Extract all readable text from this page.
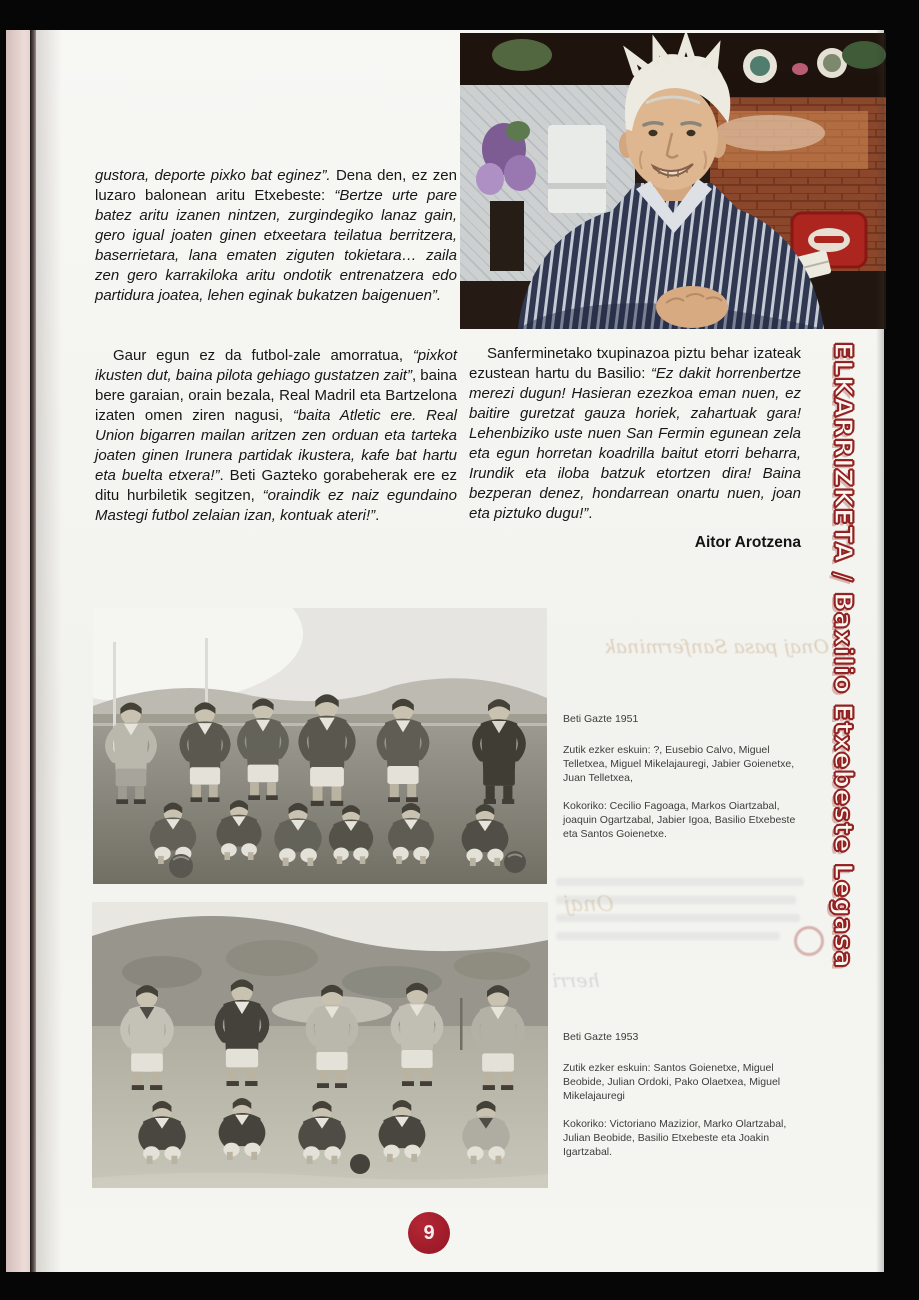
gustora, deporte pixko bat eginez”. Dena den, ez zen luzaro balonean aritu Etxebeste: “Bertze urte pare batez aritu izanen nintzen, zurgindegiko lanaz gain, gero igual joaten ginen etxeetara teilatua berritzera, baserrietara, lana ematen ziguten tokietara… zaila zen gero karrakiloka aritu ondotik entrenatzera edo partidura joatea, lehen eginak bukatzen baigenuen”.

Gaur egun ez da futbol-zale amorratua, “pixkot ikusten dut, baina pilota gehiago gustatzen zait”, baina bere garaian, orain bezala, Real Madril eta Bartzelona izaten omen ziren nagusi, “baita Atletic ere. Real Union bigarren mailan aritzen zen orduan eta tarteka joaten ginen Irunera partidak ikustera, kafe bat hartu eta buelta etxera!”. Beti Gazteko gorabeherak ere ez ditu hurbiletik segitzen, “oraindik ez naiz egundaino Mastegi futbol zelaian izan, kontuak ateri!”.

Sanferminetako txupinazoa piztu behar izateak ezustean hartu du Basilio: “Ez dakit horrenbertze merezi dugun! Hasieran ezezkoa eman nuen, ez baitire guretzat gauza horiek, zahartuak gara! Lehenbiziko uste nuen San Fermin egunean zela eta egun horretan koadrilla baitut etorri beharra, Irundik eta iloba batzuk etortzen dira! Baina bezperan denez, hondarrean onartu nuen, joan eta piztuko dugu!”.

Aitor Arotzena

Onaj pasa Sanferminak
Onaj
herri

Beti Gazte 1951

Zutik ezker eskuin: ?, Eusebio Calvo, Miguel Telletxea, Miguel Mikelajauregi, Jabier Goienetxe, Juan Telletxea,

Kokoriko: Cecilio Fagoaga, Markos Oiartzabal, joaquin Ogartzabal, Jabier Igoa, Basilio Etxebeste eta Santos Goienetxe.

Beti Gazte 1953

Zutik ezker eskuin: Santos Goienetxe, Miguel Beobide, Julian Ordoki, Pako Olaetxea, Miguel Mikelajauregi

Kokoriko: Victoriano Mazizior, Marko Olartzabal, Julian Beobide, Basilio Etxebeste eta Joakin Igartzabal.

ELKARRIZKETA / Baxilio Etxebeste Legasa
9
